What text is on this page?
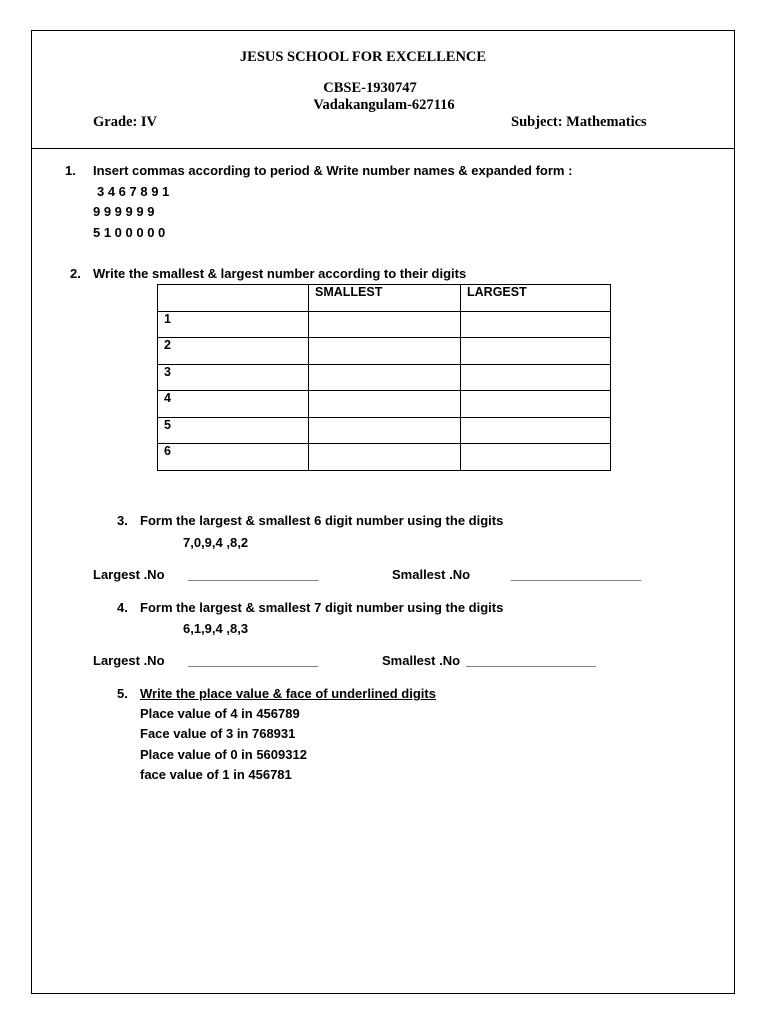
JESUS SCHOOL FOR EXCELLENCE
CBSE-1930747
Vadakangulam-627116
Grade: IV	Subject: Mathematics
1. Insert commas according to period & Write number names & expanded form :
3 4 6 7 8 9 1
9 9 9 9 9 9
5 1 0 0 0 0 0
2. Write the smallest & largest number according to their digits
	SMALLEST	LARGEST
1		
2		
3		
4		
5		
6		
3. Form the largest & smallest 6 digit number using the digits
7,0,9,4 ,8,2
Largest .No __________________	Smallest .No	__________________
4. Form the largest & smallest 7 digit number using the digits
6,1,9,4 ,8,3
Largest .No __________________	Smallest .No __________________
5. Write the place value & face of underlined digits
Place value of 4 in 456789
Face value of 3 in 768931
Place value of 0 in 5609312
face value of 1 in 456781
